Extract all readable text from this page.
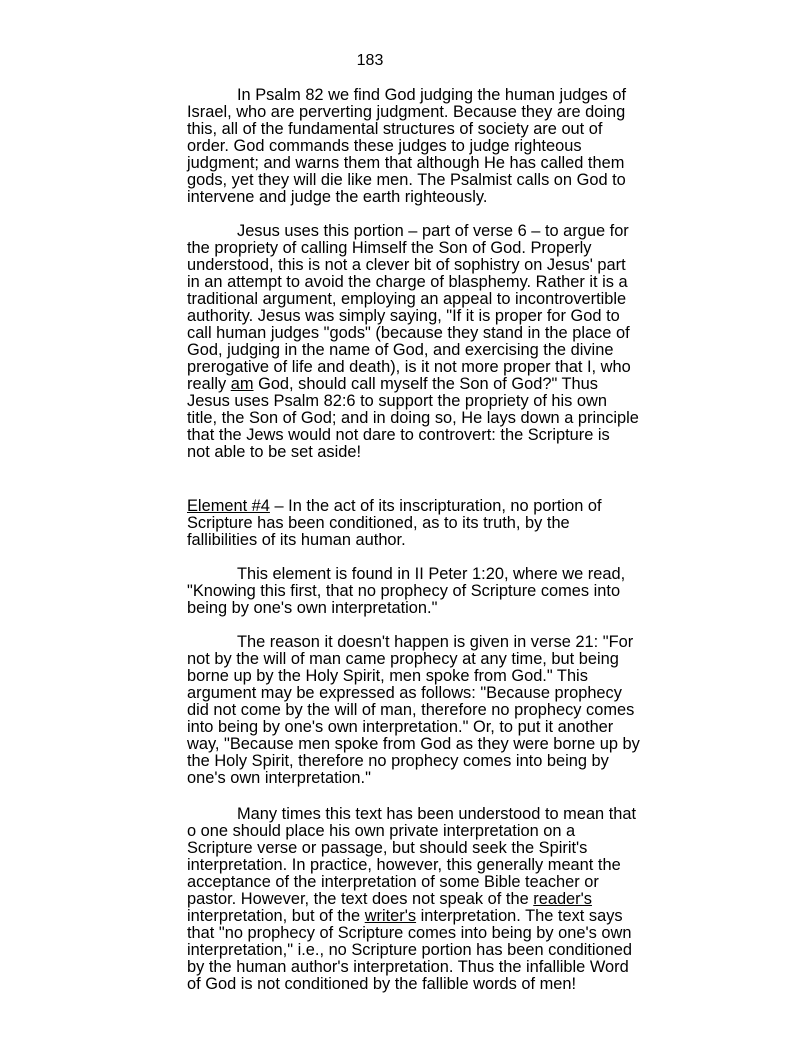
183
In Psalm 82 we find God judging the human judges of
Israel, who are perverting judgment. Because they are doing
this, all of the fundamental structures of society are out of
order. God commands these judges to judge righteous
judgment; and warns them that although He has called them
gods, yet they will die like men. The Psalmist calls on God to
intervene and judge the earth righteously.
Jesus uses this portion – part of verse 6 – to argue for
the propriety of calling Himself the Son of God. Properly
understood, this is not a clever bit of sophistry on Jesus' part
in an attempt to avoid the charge of blasphemy. Rather it is a
traditional argument, employing an appeal to incontrovertible
authority. Jesus was simply saying, "If it is proper for God to
call human judges "gods" (because they stand in the place of
God, judging in the name of God, and exercising the divine
prerogative of life and death), is it not more proper that I, who
really am God, should call myself the Son of God?" Thus
Jesus uses Psalm 82:6 to support the propriety of his own
title, the Son of God; and in doing so, He lays down a principle
that the Jews would not dare to controvert: the Scripture is
not able to be set aside!
Element #4 – In the act of its inscripturation, no portion of
Scripture has been conditioned, as to its truth, by the
fallibilities of its human author.
This element is found in II Peter 1:20, where we read,
"Knowing this first, that no prophecy of Scripture comes into
being by one's own interpretation."
The reason it doesn't happen is given in verse 21: "For
not by the will of man came prophecy at any time, but being
borne up by the Holy Spirit, men spoke from God." This
argument may be expressed as follows: "Because prophecy
did not come by the will of man, therefore no prophecy comes
into being by one's own interpretation." Or, to put it another
way, "Because men spoke from God as they were borne up by
the Holy Spirit, therefore no prophecy comes into being by
one's own interpretation."
Many times this text has been understood to mean that
o one should place his own private interpretation on a
Scripture verse or passage, but should seek the Spirit's
interpretation. In practice, however, this generally meant the
acceptance of the interpretation of some Bible teacher or
pastor. However, the text does not speak of the reader's
interpretation, but of the writer's interpretation. The text says
that "no prophecy of Scripture comes into being by one's own
interpretation," i.e., no Scripture portion has been conditioned
by the human author's interpretation. Thus the infallible Word
of God is not conditioned by the fallible words of men!
